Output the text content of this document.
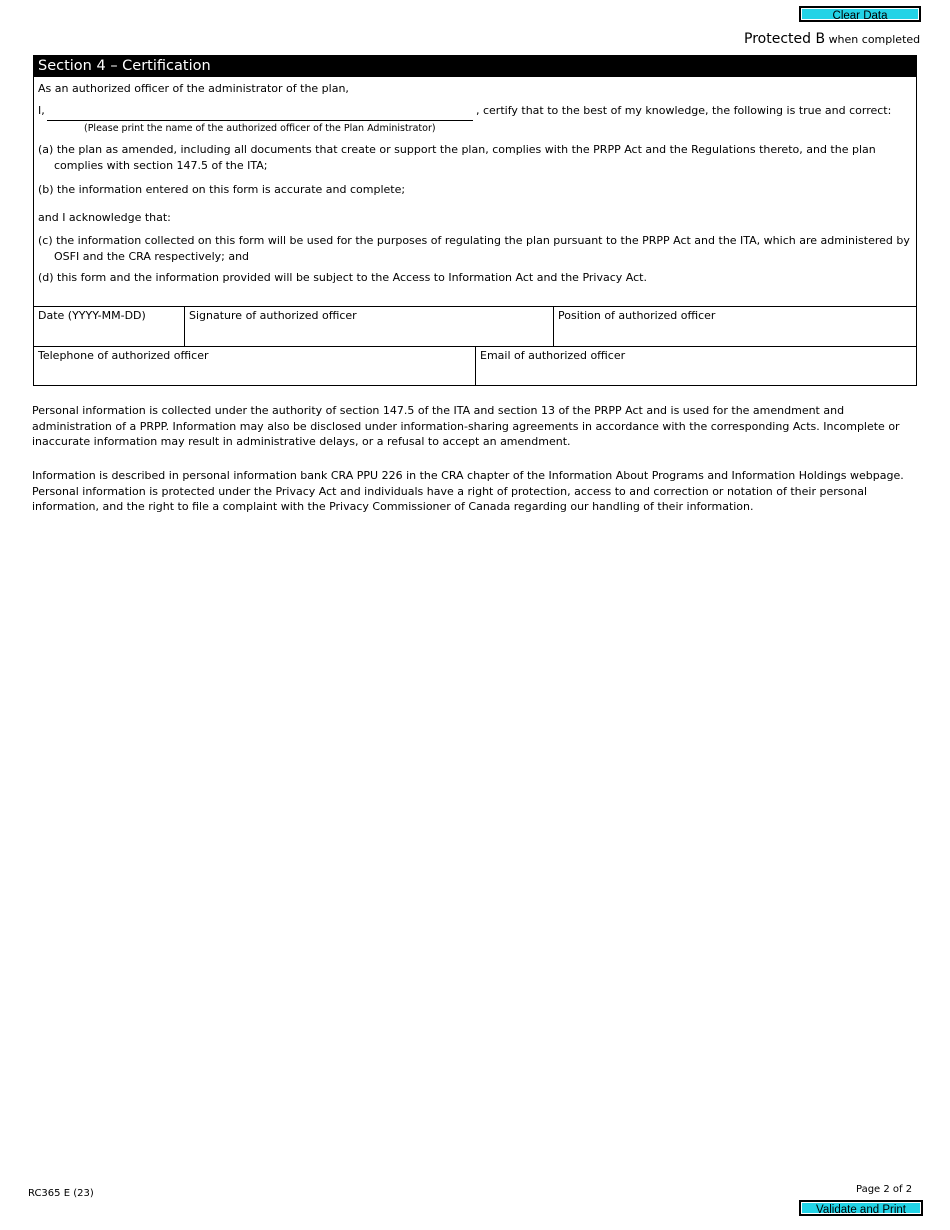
Clear Data
Protected B when completed
Section 4 – Certification
As an authorized officer of the administrator of the plan,
I,	, certify that to the best of my knowledge, the following is true and correct:
(Please print the name of the authorized officer of the Plan Administrator)
(a) the plan as amended, including all documents that create or support the plan, complies with the PRPP Act and the Regulations thereto, and the plan
complies with section 147.5 of the ITA;
(b) the information entered on this form is accurate and complete;
and I acknowledge that:
(c) the information collected on this form will be used for the purposes of regulating the plan pursuant to the PRPP Act and the ITA, which are administered by
OSFI and the CRA respectively; and
(d) this form and the information provided will be subject to the Access to Information Act and the Privacy Act.
Date (YYYY-MM-DD)	Signature of authorized officer	Position of authorized officer
Telephone of authorized officer	Email of authorized officer
Personal information is collected under the authority of section 147.5 of the ITA and section 13 of the PRPP Act and is used for the amendment and administration of a PRPP. Information may also be disclosed under information-sharing agreements in accordance with the corresponding Acts. Incomplete or inaccurate information may result in administrative delays, or a refusal to accept an amendment.
Information is described in personal information bank CRA PPU 226 in the CRA chapter of the Information About Programs and Information Holdings webpage. Personal information is protected under the Privacy Act and individuals have a right of protection, access to and correction or notation of their personal information, and the right to file a complaint with the Privacy Commissioner of Canada regarding our handling of their information.
RC365 E (23)	Page 2 of 2
Validate and Print
